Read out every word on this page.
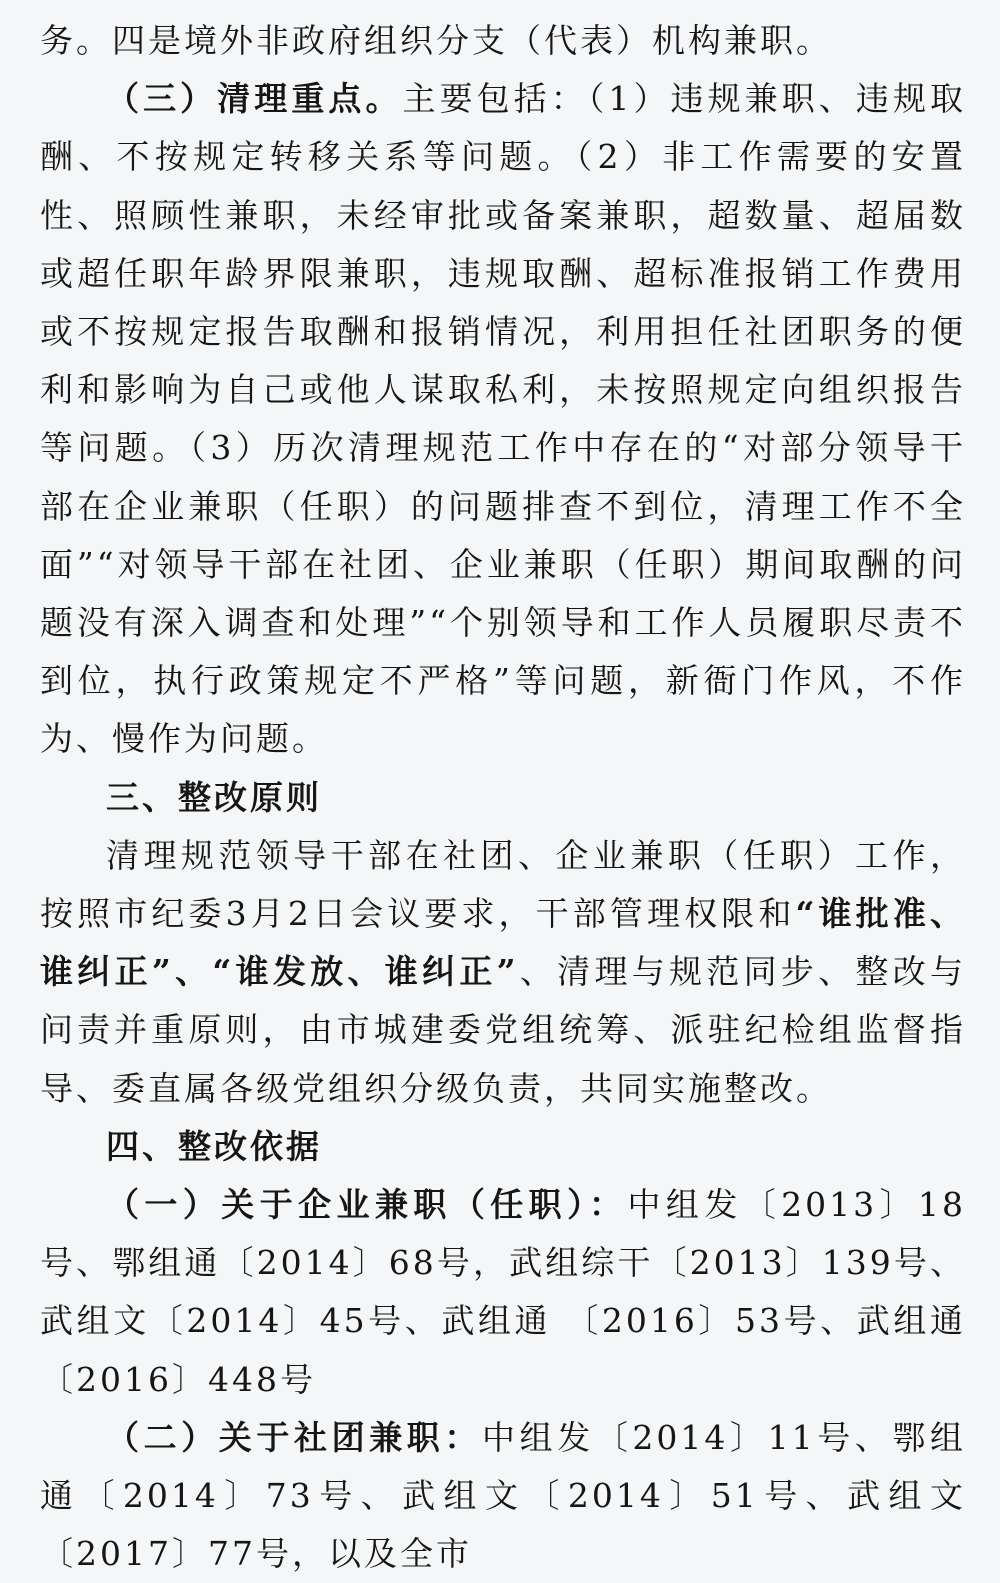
务。四是境外非政府组织分支（代表）机构兼职。

（三）清理重点。主要包括：（1）违规兼职、违规取酬、不按规定转移关系等问题。（2）非工作需要的安置性、照顾性兼职，未经审批或备案兼职，超数量、超届数或超任职年龄界限兼职，违规取酬、超标准报销工作费用或不按规定报告取酬和报销情况，利用担任社团职务的便利和影响为自己或他人谋取私利，未按照规定向组织报告等问题。（3）历次清理规范工作中存在的“对部分领导干部在企业兼职（任职）的问题排查不到位，清理工作不全面”“对领导干部在社团、企业兼职（任职）期间取酬的问题没有深入调查和处理”“个别领导和工作人员履职尽责不到位，执行政策规定不严格”等问题，新衙门作风，不作为、慢作为问题。

三、整改原则

清理规范领导干部在社团、企业兼职（任职）工作，按照市纪委3月2日会议要求，干部管理权限和“谁批准、谁纠正”、“谁发放、谁纠正”、清理与规范同步、整改与问责并重原则，由市城建委党组统筹、派驻纪检组监督指导、委直属各级党组织分级负责，共同实施整改。

四、整改依据

（一）关于企业兼职（任职）：中组发〔2013〕18号、鄂组通〔2014〕68号，武组综干〔2013〕139号、武组文〔2014〕45号、武组通 〔2016〕53号、武组通〔2016〕448号

（二）关于社团兼职：中组发〔2014〕11号、鄂组通〔2014〕73号、武组文〔2014〕51号、武组文〔2017〕77号，以及全市
